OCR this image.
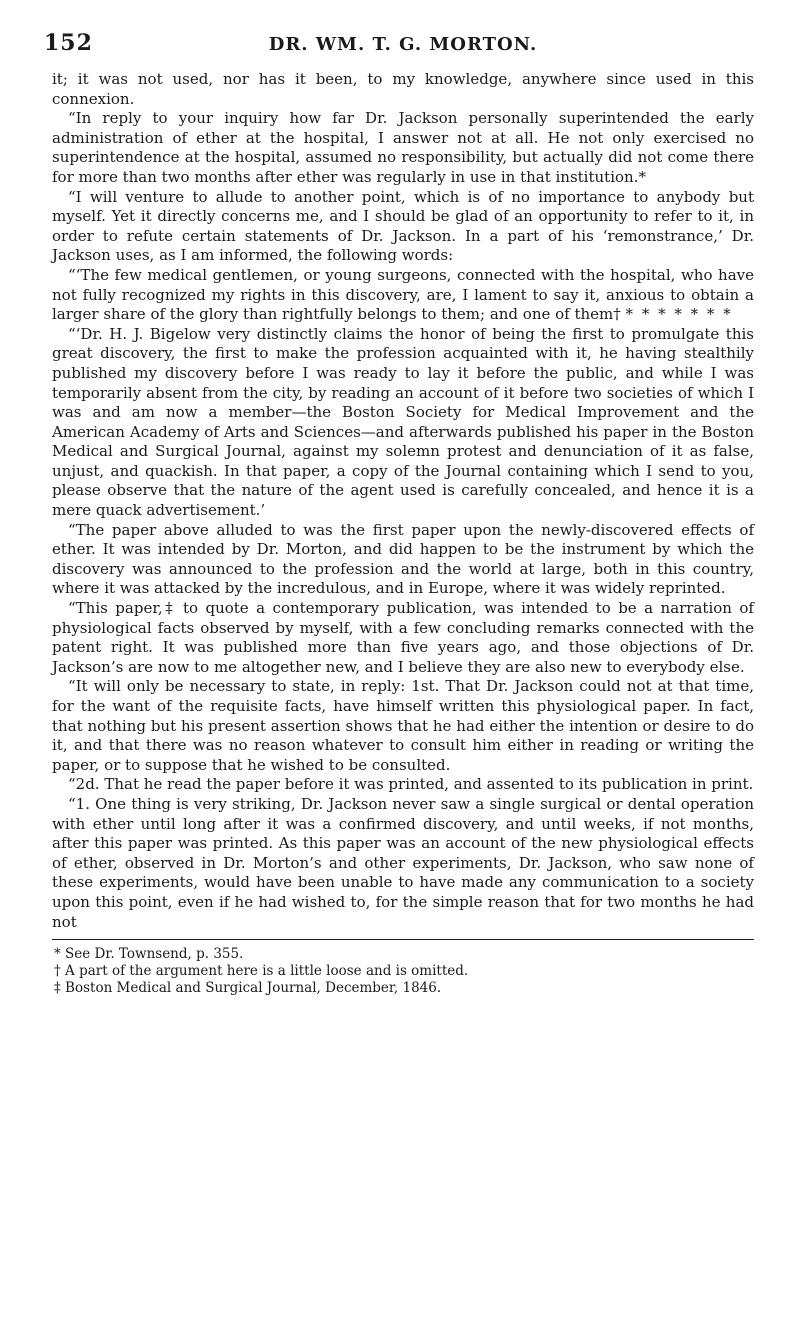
152	DR. WM. T. G. MORTON.

it; it was not used, nor has it been, to my knowledge, anywhere since used in this connexion.

“In reply to your inquiry how far Dr. Jackson personally superintended the early administration of ether at the hospital, I answer not at all. He not only exercised no superintendence at the hospital, assumed no responsibility, but actually did not come there for more than two months after ether was regularly in use in that institution.*

“I will venture to allude to another point, which is of no importance to anybody but myself. Yet it directly concerns me, and I should be glad of an opportunity to refer to it, in order to refute certain statements of Dr. Jackson. In a part of his ‘remonstrance,’ Dr. Jackson uses, as I am informed, the following words:

“‘The few medical gentlemen, or young surgeons, connected with the hospital, who have not fully recognized my rights in this discovery, are, I lament to say it, anxious to obtain a larger share of the glory than rightfully belongs to them; and one of them† * * * * * * *

“‘Dr. H. J. Bigelow very distinctly claims the honor of being the first to promulgate this great discovery, the first to make the profession acquainted with it, he having stealthily published my discovery before I was ready to lay it before the public, and while I was temporarily absent from the city, by reading an account of it before two societies of which I was and am now a member—the Boston Society for Medical Improvement and the American Academy of Arts and Sciences—and afterwards published his paper in the Boston Medical and Surgical Journal, against my solemn protest and denunciation of it as false, unjust, and quackish. In that paper, a copy of the Journal containing which I send to you, please observe that the nature of the agent used is carefully concealed, and hence it is a mere quack advertisement.’

“The paper above alluded to was the first paper upon the newly-discovered effects of ether. It was intended by Dr. Morton, and did happen to be the instrument by which the discovery was announced to the profession and the world at large, both in this country, where it was attacked by the incredulous, and in Europe, where it was widely reprinted.

“This paper,‡ to quote a contemporary publication, was intended to be a narration of physiological facts observed by myself, with a few concluding remarks connected with the patent right. It was published more than five years ago, and those objections of Dr. Jackson’s are now to me altogether new, and I believe they are also new to everybody else.

“It will only be necessary to state, in reply: 1st. That Dr. Jackson could not at that time, for the want of the requisite facts, have himself written this physiological paper. In fact, that nothing but his present assertion shows that he had either the intention or desire to do it, and that there was no reason whatever to consult him either in reading or writing the paper, or to suppose that he wished to be consulted.

“2d. That he read the paper before it was printed, and assented to its publication in print.

“1. One thing is very striking, Dr. Jackson never saw a single surgical or dental operation with ether until long after it was a confirmed discovery, and until weeks, if not months, after this paper was printed. As this paper was an account of the new physiological effects of ether, observed in Dr. Morton’s and other experiments, Dr. Jackson, who saw none of these experiments, would have been unable to have made any communication to a society upon this point, even if he had wished to, for the simple reason that for two months he had not

* See Dr. Townsend, p. 355.
† A part of the argument here is a little loose and is omitted.
‡ Boston Medical and Surgical Journal, December, 1846.
